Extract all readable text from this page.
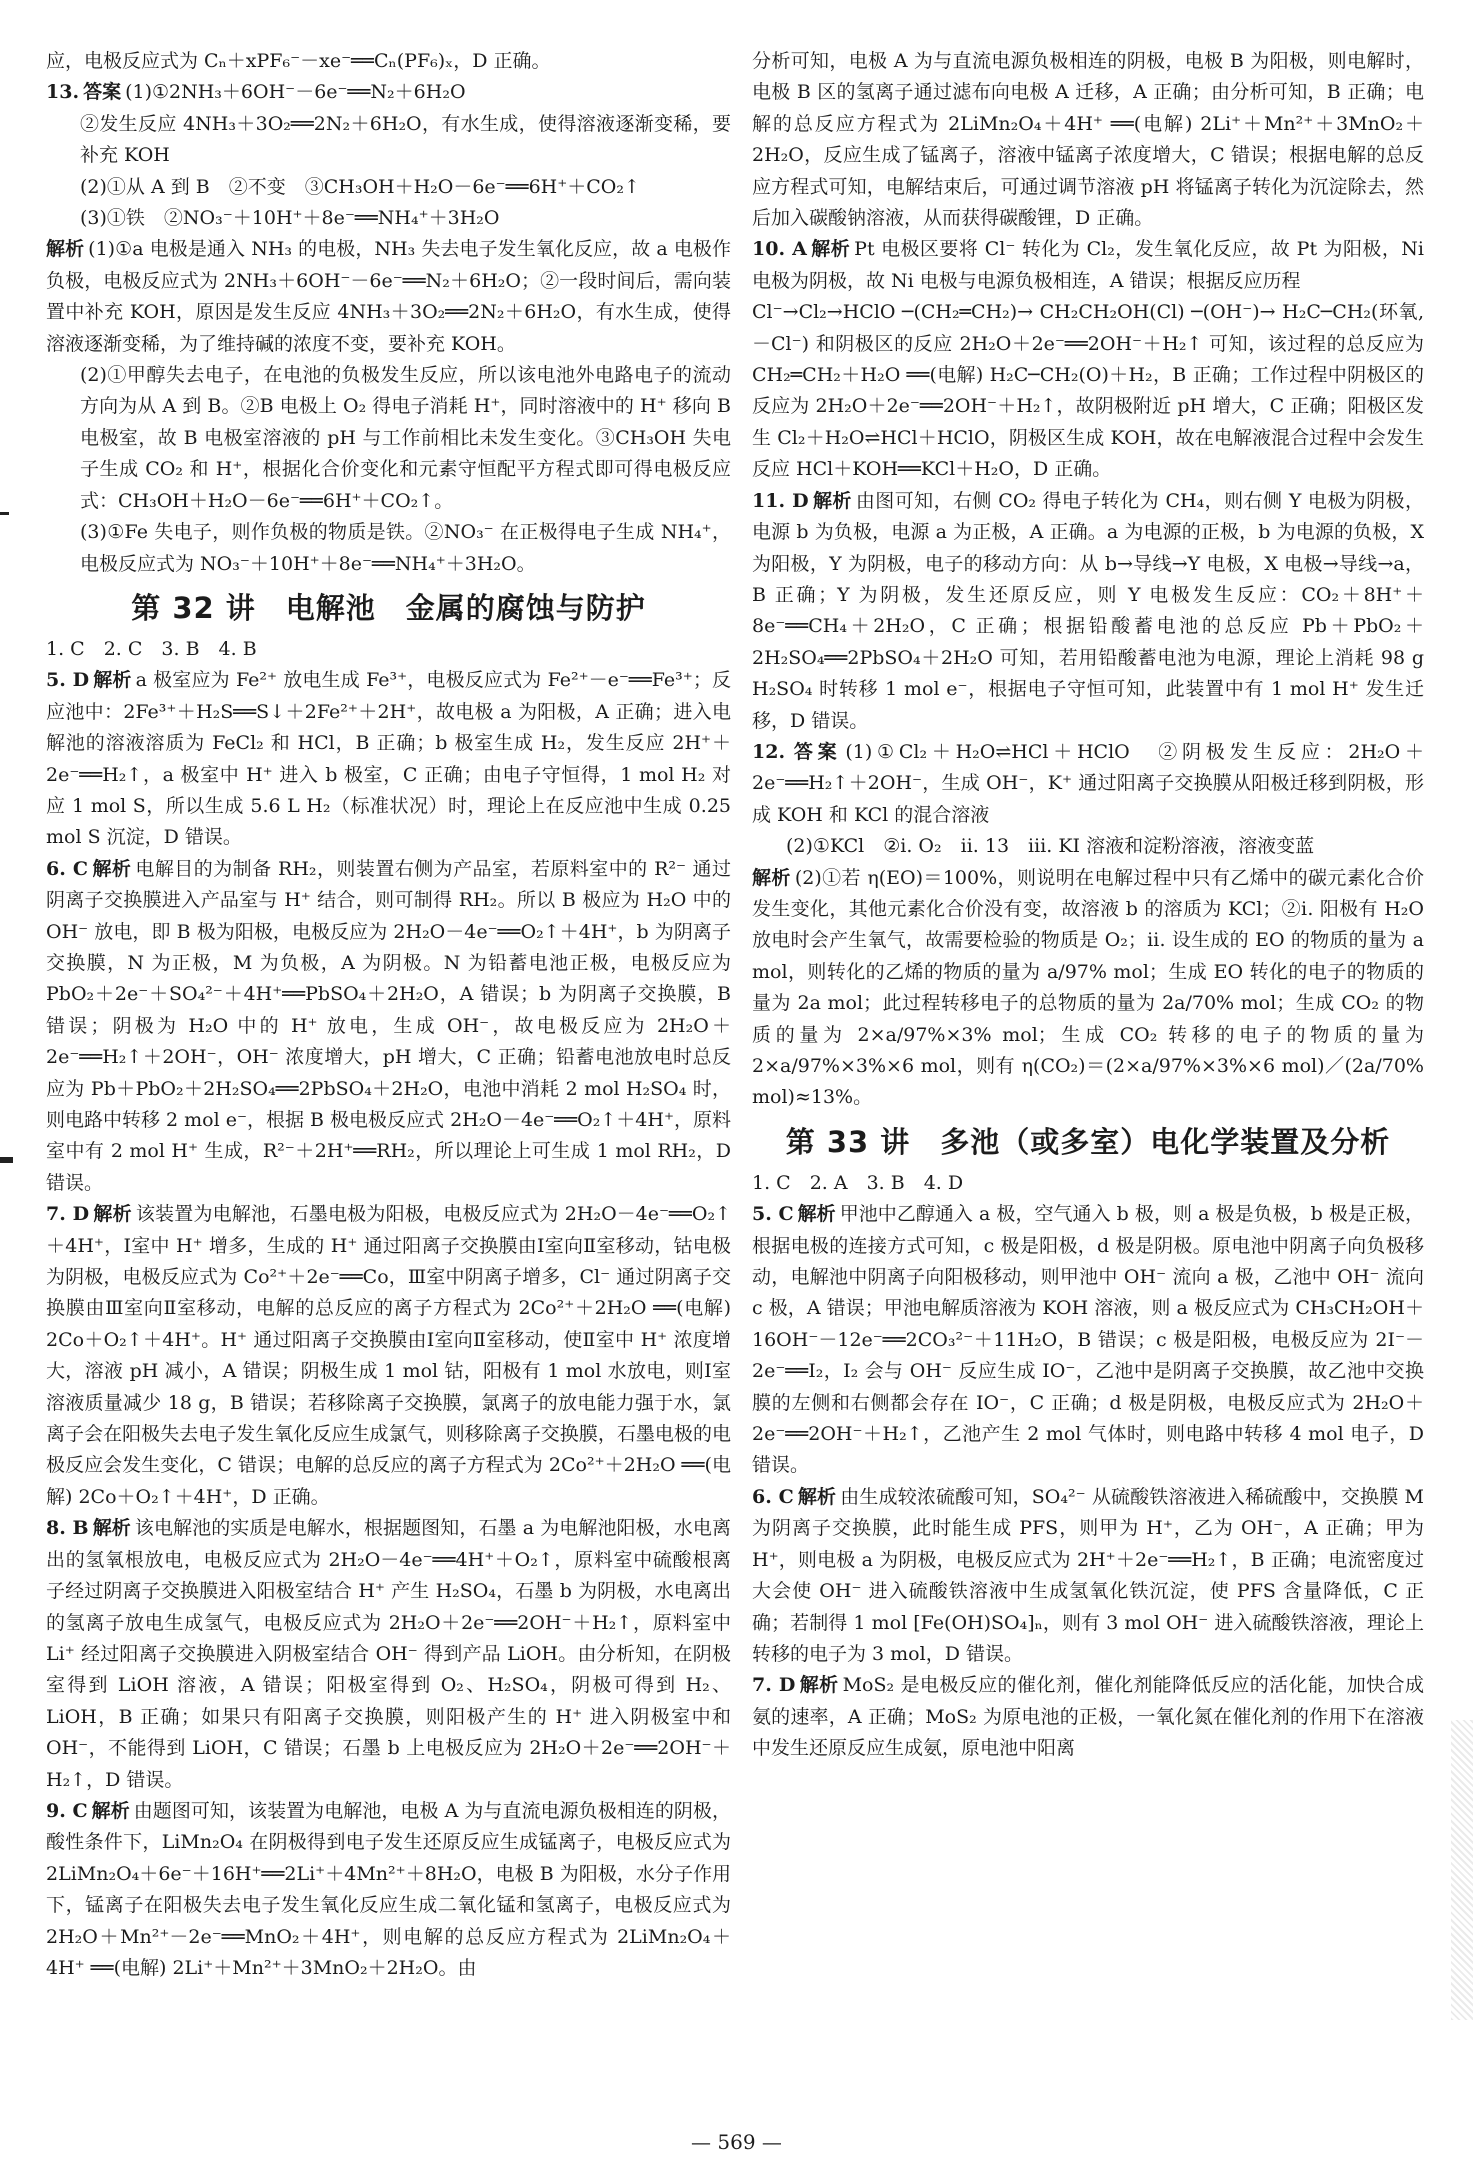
应，电极反应式为 Cₙ＋xPF₆⁻－xe⁻══Cₙ(PF₆)ₓ，D 正确。

13. 答案 (1)①2NH₃＋6OH⁻－6e⁻══N₂＋6H₂O

②发生反应 4NH₃＋3O₂══2N₂＋6H₂O，有水生成，使得溶液逐渐变稀，要补充 KOH

(2)①从 A 到 B　②不变　③CH₃OH＋H₂O－6e⁻══6H⁺＋CO₂↑

(3)①铁　②NO₃⁻＋10H⁺＋8e⁻══NH₄⁺＋3H₂O

解析 (1)①a 电极是通入 NH₃ 的电极，NH₃ 失去电子发生氧化反应，故 a 电极作负极，电极反应式为 2NH₃＋6OH⁻－6e⁻══N₂＋6H₂O；②一段时间后，需向装置中补充 KOH，原因是发生反应 4NH₃＋3O₂══2N₂＋6H₂O，有水生成，使得溶液逐渐变稀，为了维持碱的浓度不变，要补充 KOH。

(2)①甲醇失去电子，在电池的负极发生反应，所以该电池外电路电子的流动方向为从 A 到 B。②B 电极上 O₂ 得电子消耗 H⁺，同时溶液中的 H⁺ 移向 B 电极室，故 B 电极室溶液的 pH 与工作前相比未发生变化。③CH₃OH 失电子生成 CO₂ 和 H⁺，根据化合价变化和元素守恒配平方程式即可得电极反应式：CH₃OH＋H₂O－6e⁻══6H⁺＋CO₂↑。

(3)①Fe 失电子，则作负极的物质是铁。②NO₃⁻ 在正极得电子生成 NH₄⁺，电极反应式为 NO₃⁻＋10H⁺＋8e⁻══NH₄⁺＋3H₂O。

第 32 讲　电解池　金属的腐蚀与防护

1. C　2. C　3. B　4. B

5. D 解析 a 极室应为 Fe²⁺ 放电生成 Fe³⁺，电极反应式为 Fe²⁺－e⁻══Fe³⁺；反应池中：2Fe³⁺＋H₂S══S↓＋2Fe²⁺＋2H⁺，故电极 a 为阳极，A 正确；进入电解池的溶液溶质为 FeCl₂ 和 HCl，B 正确；b 极室生成 H₂，发生反应 2H⁺＋2e⁻══H₂↑，a 极室中 H⁺ 进入 b 极室，C 正确；由电子守恒得，1 mol H₂ 对应 1 mol S，所以生成 5.6 L H₂（标准状况）时，理论上在反应池中生成 0.25 mol S 沉淀，D 错误。

6. C 解析 电解目的为制备 RH₂，则装置右侧为产品室，若原料室中的 R²⁻ 通过阴离子交换膜进入产品室与 H⁺ 结合，则可制得 RH₂。所以 B 极应为 H₂O 中的 OH⁻ 放电，即 B 极为阳极，电极反应为 2H₂O－4e⁻══O₂↑＋4H⁺，b 为阴离子交换膜，N 为正极，M 为负极，A 为阴极。N 为铅蓄电池正极，电极反应为 PbO₂＋2e⁻＋SO₄²⁻＋4H⁺══PbSO₄＋2H₂O，A 错误；b 为阴离子交换膜，B 错误；阴极为 H₂O 中的 H⁺ 放电，生成 OH⁻，故电极反应为 2H₂O＋2e⁻══H₂↑＋2OH⁻，OH⁻ 浓度增大，pH 增大，C 正确；铅蓄电池放电时总反应为 Pb＋PbO₂＋2H₂SO₄══2PbSO₄＋2H₂O，电池中消耗 2 mol H₂SO₄ 时，则电路中转移 2 mol e⁻，根据 B 极电极反应式 2H₂O－4e⁻══O₂↑＋4H⁺，原料室中有 2 mol H⁺ 生成，R²⁻＋2H⁺══RH₂，所以理论上可生成 1 mol RH₂，D 错误。

7. D 解析 该装置为电解池，石墨电极为阳极，电极反应式为 2H₂O－4e⁻══O₂↑＋4H⁺，Ⅰ室中 H⁺ 增多，生成的 H⁺ 通过阳离子交换膜由Ⅰ室向Ⅱ室移动，钴电极为阴极，电极反应式为 Co²⁺＋2e⁻══Co，Ⅲ室中阴离子增多，Cl⁻ 通过阴离子交换膜由Ⅲ室向Ⅱ室移动，电解的总反应的离子方程式为 2Co²⁺＋2H₂O ══(电解) 2Co＋O₂↑＋4H⁺。H⁺ 通过阳离子交换膜由Ⅰ室向Ⅱ室移动，使Ⅱ室中 H⁺ 浓度增大，溶液 pH 减小，A 错误；阴极生成 1 mol 钴，阳极有 1 mol 水放电，则Ⅰ室溶液质量减少 18 g，B 错误；若移除离子交换膜，氯离子的放电能力强于水，氯离子会在阳极失去电子发生氧化反应生成氯气，则移除离子交换膜，石墨电极的电极反应会发生变化，C 错误；电解的总反应的离子方程式为 2Co²⁺＋2H₂O ══(电解) 2Co＋O₂↑＋4H⁺，D 正确。

8. B 解析 该电解池的实质是电解水，根据题图知，石墨 a 为电解池阳极，水电离出的氢氧根放电，电极反应式为 2H₂O－4e⁻══4H⁺＋O₂↑，原料室中硫酸根离子经过阴离子交换膜进入阳极室结合 H⁺ 产生 H₂SO₄，石墨 b 为阴极，水电离出的氢离子放电生成氢气，电极反应式为 2H₂O＋2e⁻══2OH⁻＋H₂↑，原料室中 Li⁺ 经过阳离子交换膜进入阴极室结合 OH⁻ 得到产品 LiOH。由分析知，在阴极室得到 LiOH 溶液，A 错误；阳极室得到 O₂、H₂SO₄，阴极可得到 H₂、LiOH，B 正确；如果只有阳离子交换膜，则阳极产生的 H⁺ 进入阴极室中和 OH⁻，不能得到 LiOH，C 错误；石墨 b 上电极反应为 2H₂O＋2e⁻══2OH⁻＋H₂↑，D 错误。

9. C 解析 由题图可知，该装置为电解池，电极 A 为与直流电源负极相连的阴极，酸性条件下，LiMn₂O₄ 在阴极得到电子发生还原反应生成锰离子，电极反应式为 2LiMn₂O₄＋6e⁻＋16H⁺══2Li⁺＋4Mn²⁺＋8H₂O，电极 B 为阳极，水分子作用下，锰离子在阳极失去电子发生氧化反应生成二氧化锰和氢离子，电极反应式为 2H₂O＋Mn²⁺－2e⁻══MnO₂＋4H⁺，则电解的总反应方程式为 2LiMn₂O₄＋4H⁺ ══(电解) 2Li⁺＋Mn²⁺＋3MnO₂＋2H₂O。由

分析可知，电极 A 为与直流电源负极相连的阴极，电极 B 为阳极，则电解时，电极 B 区的氢离子通过滤布向电极 A 迁移，A 正确；由分析可知，B 正确；电解的总反应方程式为 2LiMn₂O₄＋4H⁺ ══(电解) 2Li⁺＋Mn²⁺＋3MnO₂＋2H₂O，反应生成了锰离子，溶液中锰离子浓度增大，C 错误；根据电解的总反应方程式可知，电解结束后，可通过调节溶液 pH 将锰离子转化为沉淀除去，然后加入碳酸钠溶液，从而获得碳酸锂，D 正确。

10. A 解析 Pt 电极区要将 Cl⁻ 转化为 Cl₂，发生氧化反应，故 Pt 为阳极，Ni 电极为阴极，故 Ni 电极与电源负极相连，A 错误；根据反应历程

Cl⁻→Cl₂→HClO ─(CH₂═CH₂)→ CH₂CH₂OH(Cl) ─(OH⁻)→ H₂C─CH₂(环氧, －Cl⁻) 和阴极区的反应 2H₂O＋2e⁻══2OH⁻＋H₂↑ 可知，该过程的总反应为 CH₂═CH₂＋H₂O ══(电解) H₂C─CH₂(O)＋H₂，B 正确；工作过程中阴极区的反应为 2H₂O＋2e⁻══2OH⁻＋H₂↑，故阴极附近 pH 增大，C 正确；阳极区发生 Cl₂＋H₂O⇌HCl＋HClO，阴极区生成 KOH，故在电解液混合过程中会发生反应 HCl＋KOH══KCl＋H₂O，D 正确。

11. D 解析 由图可知，右侧 CO₂ 得电子转化为 CH₄，则右侧 Y 电极为阴极，电源 b 为负极，电源 a 为正极，A 正确。a 为电源的正极，b 为电源的负极，X 为阳极，Y 为阴极，电子的移动方向：从 b→导线→Y 电极，X 电极→导线→a，B 正确；Y 为阴极，发生还原反应，则 Y 电极发生反应：CO₂＋8H⁺＋8e⁻══CH₄＋2H₂O，C 正确；根据铅酸蓄电池的总反应 Pb＋PbO₂＋2H₂SO₄══2PbSO₄＋2H₂O 可知，若用铅酸蓄电池为电源，理论上消耗 98 g H₂SO₄ 时转移 1 mol e⁻，根据电子守恒可知，此装置中有 1 mol H⁺ 发生迁移，D 错误。

12. 答案 (1)①Cl₂＋H₂O⇌HCl＋HClO　②阴极发生反应：2H₂O＋2e⁻══H₂↑＋2OH⁻，生成 OH⁻，K⁺ 通过阳离子交换膜从阳极迁移到阴极，形成 KOH 和 KCl 的混合溶液

(2)①KCl　②ⅰ. O₂　ⅱ. 13　ⅲ. KI 溶液和淀粉溶液，溶液变蓝

解析 (2)①若 η(EO)＝100%，则说明在电解过程中只有乙烯中的碳元素化合价发生变化，其他元素化合价没有变，故溶液 b 的溶质为 KCl；②ⅰ. 阳极有 H₂O 放电时会产生氧气，故需要检验的物质是 O₂；ⅱ. 设生成的 EO 的物质的量为 a mol，则转化的乙烯的物质的量为 a/97% mol；生成 EO 转化的电子的物质的量为 2a mol；此过程转移电子的总物质的量为 2a/70% mol；生成 CO₂ 的物质的量为 2×a/97%×3% mol；生成 CO₂ 转移的电子的物质的量为 2×a/97%×3%×6 mol，则有 η(CO₂)＝(2×a/97%×3%×6 mol)／(2a/70% mol)≈13%。

第 33 讲　多池（或多室）电化学装置及分析

1. C　2. A　3. B　4. D

5. C 解析 甲池中乙醇通入 a 极，空气通入 b 极，则 a 极是负极，b 极是正极，根据电极的连接方式可知，c 极是阳极，d 极是阴极。原电池中阴离子向负极移动，电解池中阴离子向阳极移动，则甲池中 OH⁻ 流向 a 极，乙池中 OH⁻ 流向 c 极，A 错误；甲池电解质溶液为 KOH 溶液，则 a 极反应式为 CH₃CH₂OH＋16OH⁻－12e⁻══2CO₃²⁻＋11H₂O，B 错误；c 极是阳极，电极反应为 2I⁻－2e⁻══I₂，I₂ 会与 OH⁻ 反应生成 IO⁻，乙池中是阴离子交换膜，故乙池中交换膜的左侧和右侧都会存在 IO⁻，C 正确；d 极是阴极，电极反应式为 2H₂O＋2e⁻══2OH⁻＋H₂↑，乙池产生 2 mol 气体时，则电路中转移 4 mol 电子，D 错误。

6. C 解析 由生成较浓硫酸可知，SO₄²⁻ 从硫酸铁溶液进入稀硫酸中，交换膜 M 为阴离子交换膜，此时能生成 PFS，则甲为 H⁺，乙为 OH⁻，A 正确；甲为 H⁺，则电极 a 为阴极，电极反应式为 2H⁺＋2e⁻══H₂↑，B 正确；电流密度过大会使 OH⁻ 进入硫酸铁溶液中生成氢氧化铁沉淀，使 PFS 含量降低，C 正确；若制得 1 mol [Fe(OH)SO₄]ₙ，则有 3 mol OH⁻ 进入硫酸铁溶液，理论上转移的电子为 3 mol，D 错误。

7. D 解析 MoS₂ 是电极反应的催化剂，催化剂能降低反应的活化能，加快合成氨的速率，A 正确；MoS₂ 为原电池的正极，一氧化氮在催化剂的作用下在溶液中发生还原反应生成氨，原电池中阳离

— 569 —
